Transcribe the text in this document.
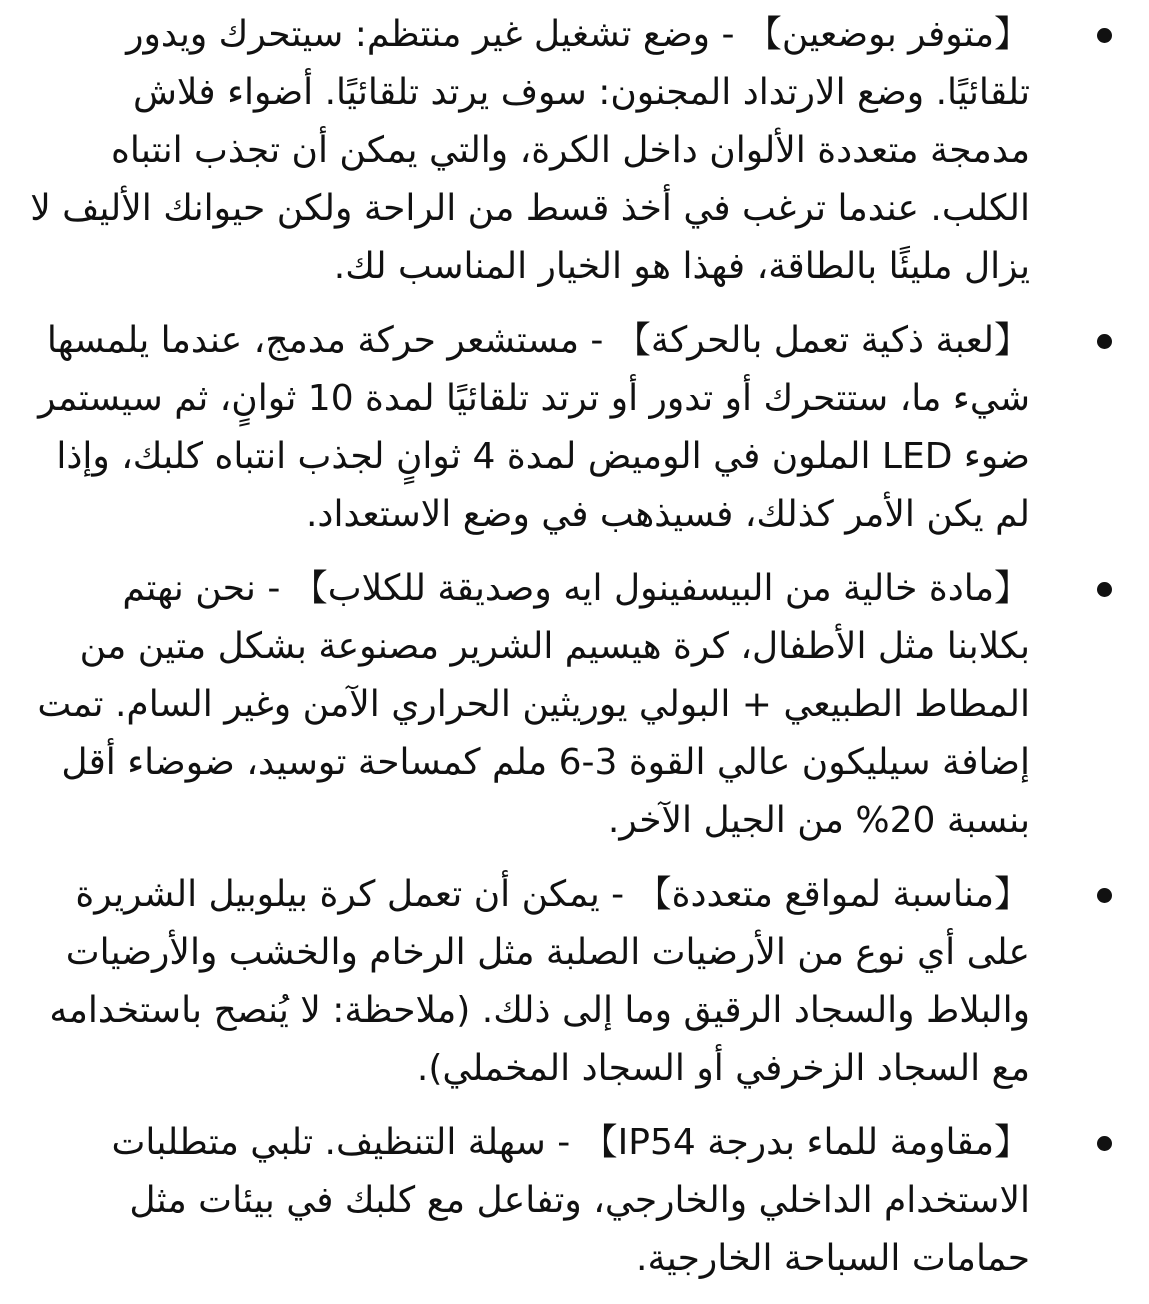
【متوفر بوضعين】 - وضع تشغيل غير منتظم: سيتحرك ويدور تلقائيًا. وضع الارتداد المجنون: سوف يرتد تلقائيًا. أضواء فلاش مدمجة متعددة الألوان داخل الكرة، والتي يمكن أن تجذب انتباه الكلب. عندما ترغب في أخذ قسط من الراحة ولكن حيوانك الأليف لا يزال مليئًا بالطاقة، فهذا هو الخيار المناسب لك.
【لعبة ذكية تعمل بالحركة】 - مستشعر حركة مدمج، عندما يلمسها شيء ما، ستتحرك أو تدور أو ترتد تلقائيًا لمدة 10 ثوانٍ، ثم سيستمر ضوء LED الملون في الوميض لمدة 4 ثوانٍ لجذب انتباه كلبك، وإذا لم يكن الأمر كذلك، فسيذهب في وضع الاستعداد.
【مادة خالية من البيسفينول ايه وصديقة للكلاب】 - نحن نهتم بكلابنا مثل الأطفال، كرة هيسيم الشرير مصنوعة بشكل متين من المطاط الطبيعي + البولي يوريثين الحراري الآمن وغير السام. تمت إضافة سيليكون عالي القوة 3-6 ملم كمساحة توسيد، ضوضاء أقل بنسبة 20% من الجيل الآخر.
【مناسبة لمواقع متعددة】 - يمكن أن تعمل كرة بيلوبيل الشريرة على أي نوع من الأرضيات الصلبة مثل الرخام والخشب والأرضيات والبلاط والسجاد الرقيق وما إلى ذلك. (ملاحظة: لا يُنصح باستخدامه مع السجاد الزخرفي أو السجاد المخملي).
【مقاومة للماء بدرجة IP54】 - سهلة التنظيف. تلبي متطلبات الاستخدام الداخلي والخارجي، وتفاعل مع كلبك في بيئات مثل حمامات السباحة الخارجية.
